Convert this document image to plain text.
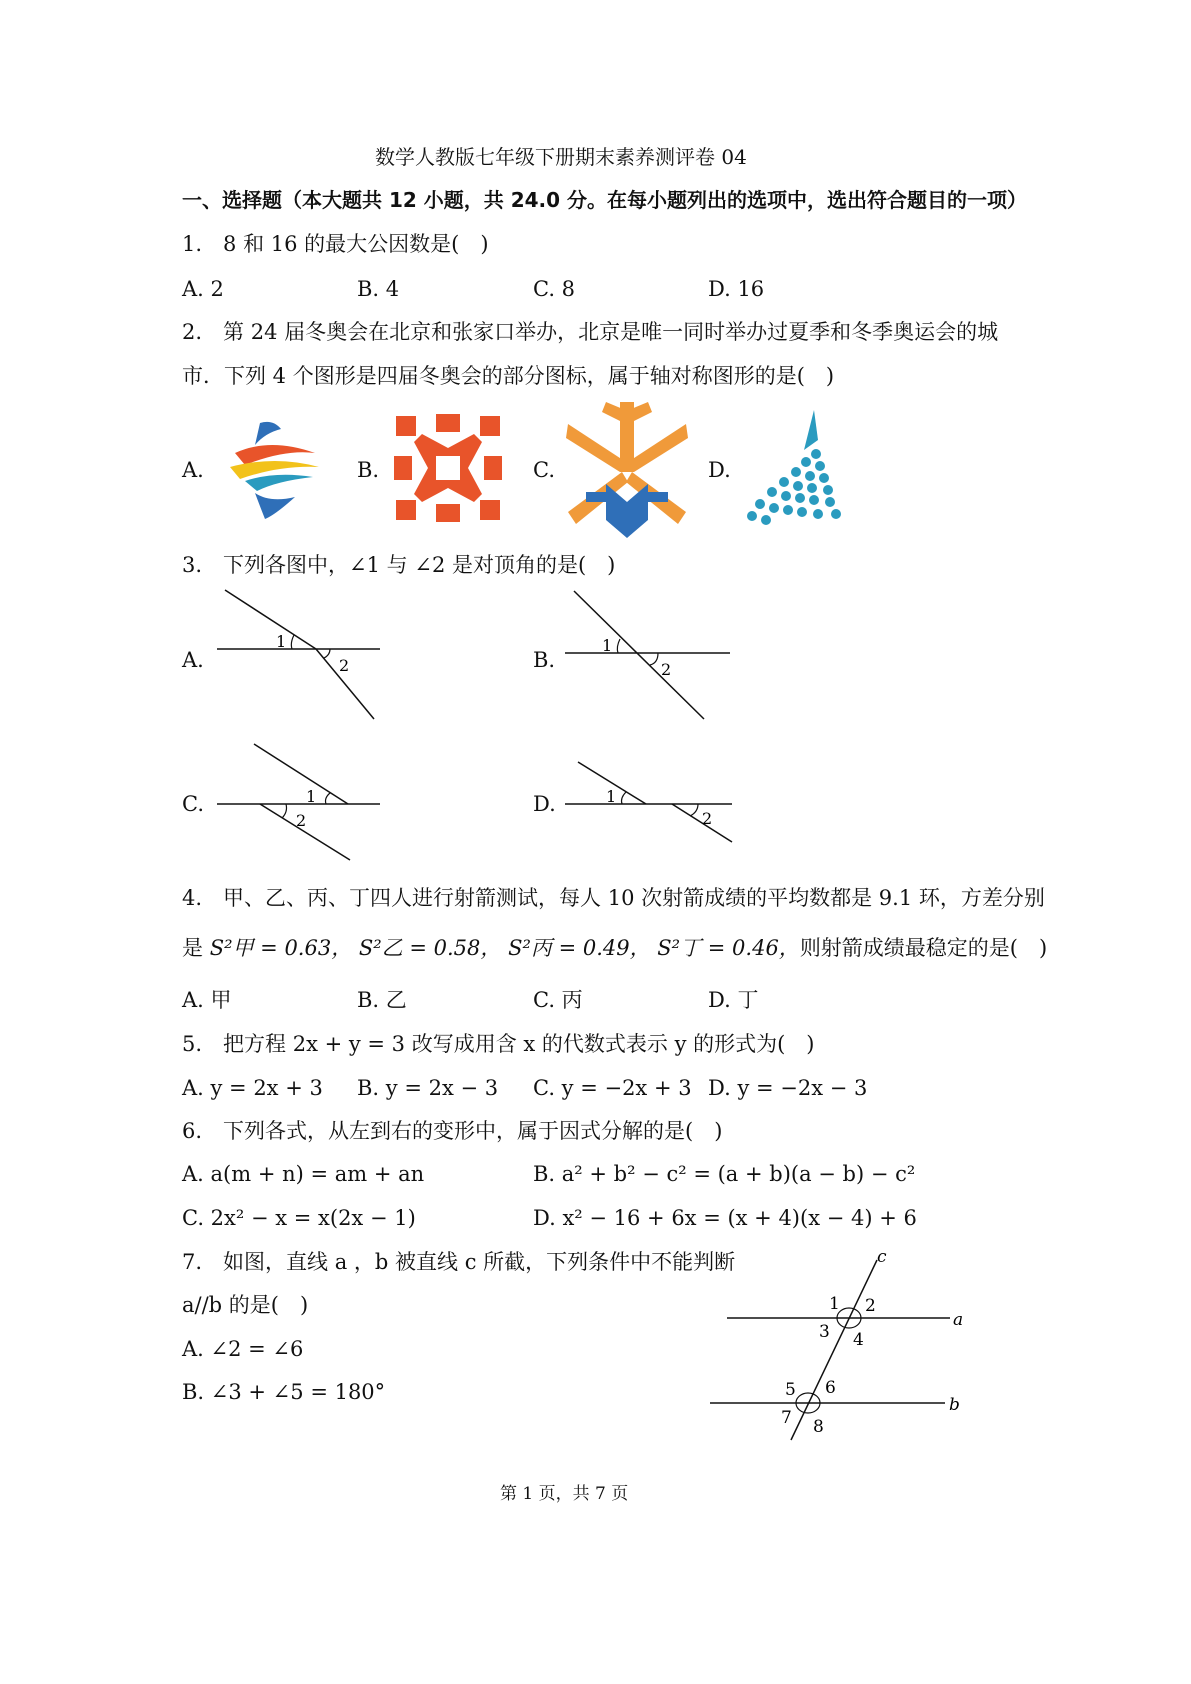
数学人教版七年级下册期末素养测评卷 04
一、选择题（本大题共 12 小题，共 24.0 分。在每小题列出的选项中，选出符合题目的一项）
1.　8 和 16 的最大公因数是(　)
A. 2	B. 4	C. 8	D. 16
2.　第 24 届冬奥会在北京和张家口举办，北京是唯一同时举办过夏季和冬季奥运会的城
市．下列 4 个图形是四届冬奥会的部分图标，属于轴对称图形的是(　)
A.	B.	C.	D.
3.　下列各图中，∠1 与 ∠2 是对顶角的是(　)
A.
1
2	B.
1
2
C.	1
2
D.	1
2
4.　甲、乙、丙、丁四人进行射箭测试，每人 10 次射箭成绩的平均数都是 9.1 环，方差分别
是 S²甲 = 0.63， S²乙 = 0.58， S²丙 = 0.49， S²丁 = 0.46，则射箭成绩最稳定的是(　)
A. 甲	B. 乙	C. 丙	D. 丁
5.　把方程 2x + y = 3 改写成用含 x 的代数式表示 y 的形式为(　)
A. y = 2x + 3 B. y = 2x − 3 C. y = −2x + 3 D. y = −2x − 3
6.　下列各式，从左到右的变形中，属于因式分解的是(　)
A. a(m + n) = am + an	B. a² + b² − c² = (a + b)(a − b) − c²
C. 2x² − x = x(2x − 1)	D. x² − 16 + 6x = (x + 4)(x − 4) + 6
7.　如图，直线 a ，b 被直线 c 所截，下列条件中不能判断
a//b 的是(　)
A. ∠2 = ∠6
B. ∠3 + ∠5 = 180°
c
a
b
1 2
3 4
5 6
7 8
第 1 页，共 7 页
